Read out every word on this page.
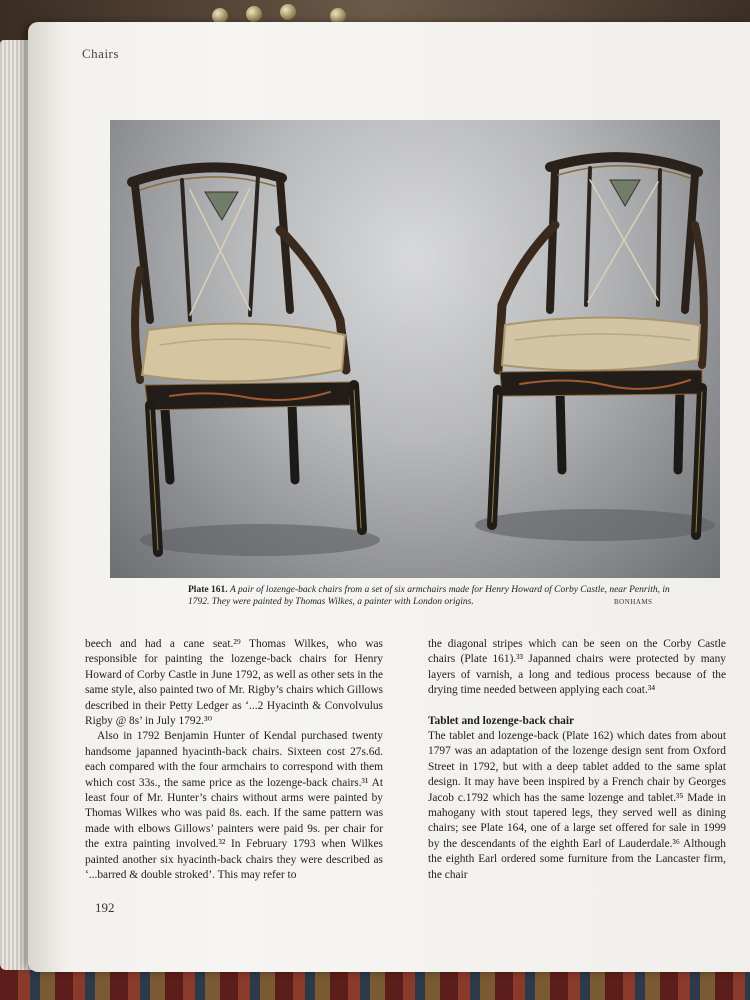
Chairs
Plate 161. A pair of lozenge-back chairs from a set of six armchairs made for Henry Howard of Corby Castle, near Penrith, in 1792. They were painted by Thomas Wilkes, a painter with London origins.	BONHAMS

beech and had a cane seat.²⁹ Thomas Wilkes, who was responsible for painting the lozenge-back chairs for Henry Howard of Corby Castle in June 1792, as well as other sets in the same style, also painted two of Mr. Rigby’s chairs which Gillows described in their Petty Ledger as ‘...2 Hyacinth & Convolvulus Rigby @ 8s’ in July 1792.³⁰

Also in 1792 Benjamin Hunter of Kendal purchased twenty handsome japanned hyacinth-back chairs. Sixteen cost 27s.6d. each compared with the four armchairs to correspond with them which cost 33s., the same price as the lozenge-back chairs.³¹ At least four of Mr. Hunter’s chairs without arms were painted by Thomas Wilkes who was paid 8s. each. If the same pattern was made with elbows Gillows’ painters were paid 9s. per chair for the extra painting involved.³² In February 1793 when Wilkes painted another six hyacinth-back chairs they were described as ‘...barred & double stroked’. This may refer to

the diagonal stripes which can be seen on the Corby Castle chairs (Plate 161).³³ Japanned chairs were protected by many layers of varnish, a long and tedious process because of the drying time needed between applying each coat.³⁴

Tablet and lozenge-back chair

The tablet and lozenge-back (Plate 162) which dates from about 1797 was an adaptation of the lozenge design sent from Oxford Street in 1792, but with a deep tablet added to the same splat design. It may have been inspired by a French chair by Georges Jacob c.1792 which has the same lozenge and tablet.³⁵ Made in mahogany with stout tapered legs, they served well as dining chairs; see Plate 164, one of a large set offered for sale in 1999 by the descendants of the eighth Earl of Lauderdale.³⁶ Although the eighth Earl ordered some furniture from the Lancaster firm, the chair

192
